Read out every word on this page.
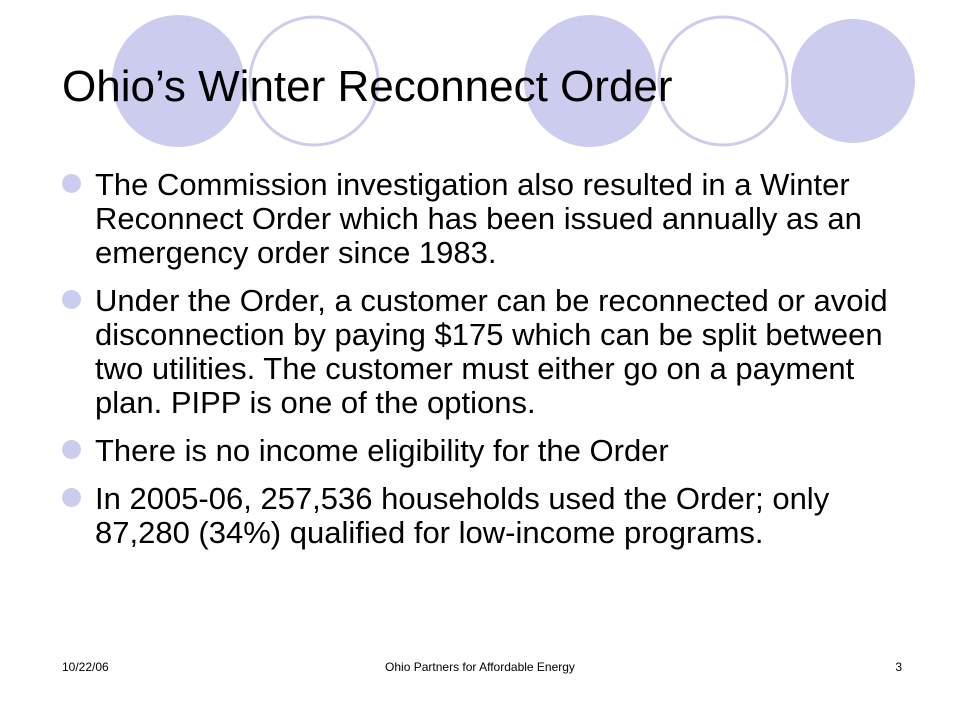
Ohio’s Winter Reconnect Order
The Commission investigation also resulted in a Winter Reconnect Order which has been issued annually as an emergency order since 1983.
Under the Order, a customer can be reconnected or avoid disconnection by paying $175 which can be split between two utilities. The customer must either go on a payment plan. PIPP is one of the options.
There is no income eligibility for the Order
In 2005-06, 257,536 households used the Order; only 87,280 (34%) qualified for low-income programs.
10/22/06	Ohio Partners for Affordable Energy	3
